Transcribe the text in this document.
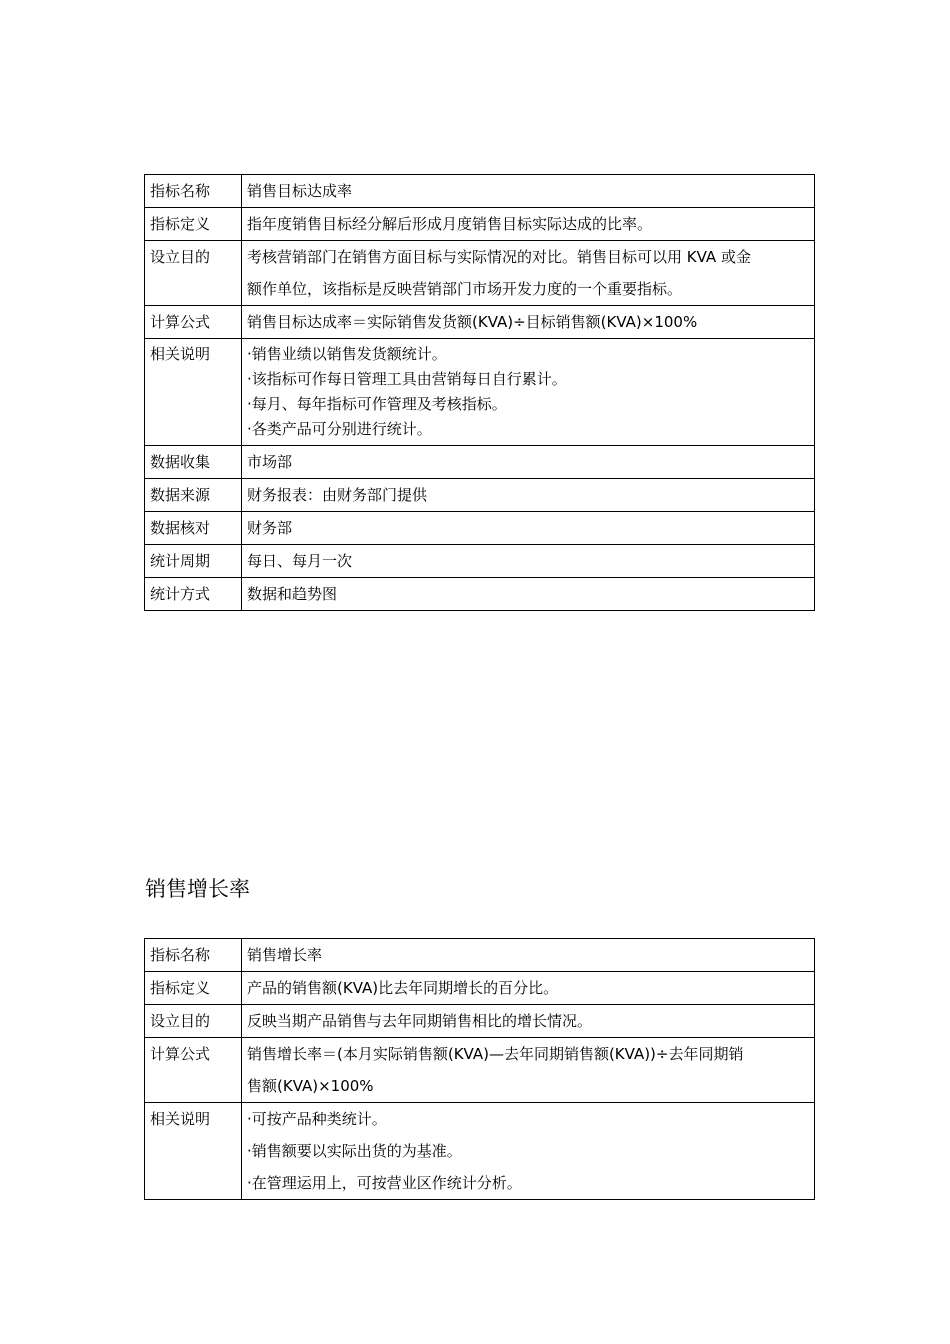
指标名称	销售目标达成率

指标定义	指年度销售目标经分解后形成月度销售目标实际达成的比率。

设立目的	考核营销部门在销售方面目标与实际情况的对比。销售目标可以用 KVA 或金
额作单位，该指标是反映营销部门市场开发力度的一个重要指标。

计算公式	销售目标达成率＝实际销售发货额(KVA)÷目标销售额(KVA)×100%

相关说明	·销售业绩以销售发货额统计。
·该指标可作每日管理工具由营销每日自行累计。
·每月、每年指标可作管理及考核指标。
·各类产品可分别进行统计。

数据收集	市场部

数据来源	财务报表：由财务部门提供

数据核对	财务部

统计周期	每日、每月一次

统计方式	数据和趋势图
销售增长率
指标名称	销售增长率

指标定义	产品的销售额(KVA)比去年同期增长的百分比。

设立目的	反映当期产品销售与去年同期销售相比的增长情况。

计算公式	销售增长率＝(本月实际销售额(KVA)—去年同期销售额(KVA))÷去年同期销
售额(KVA)×100%

相关说明	·可按产品种类统计。
·销售额要以实际出货的为基准。
·在管理运用上，可按营业区作统计分析。
